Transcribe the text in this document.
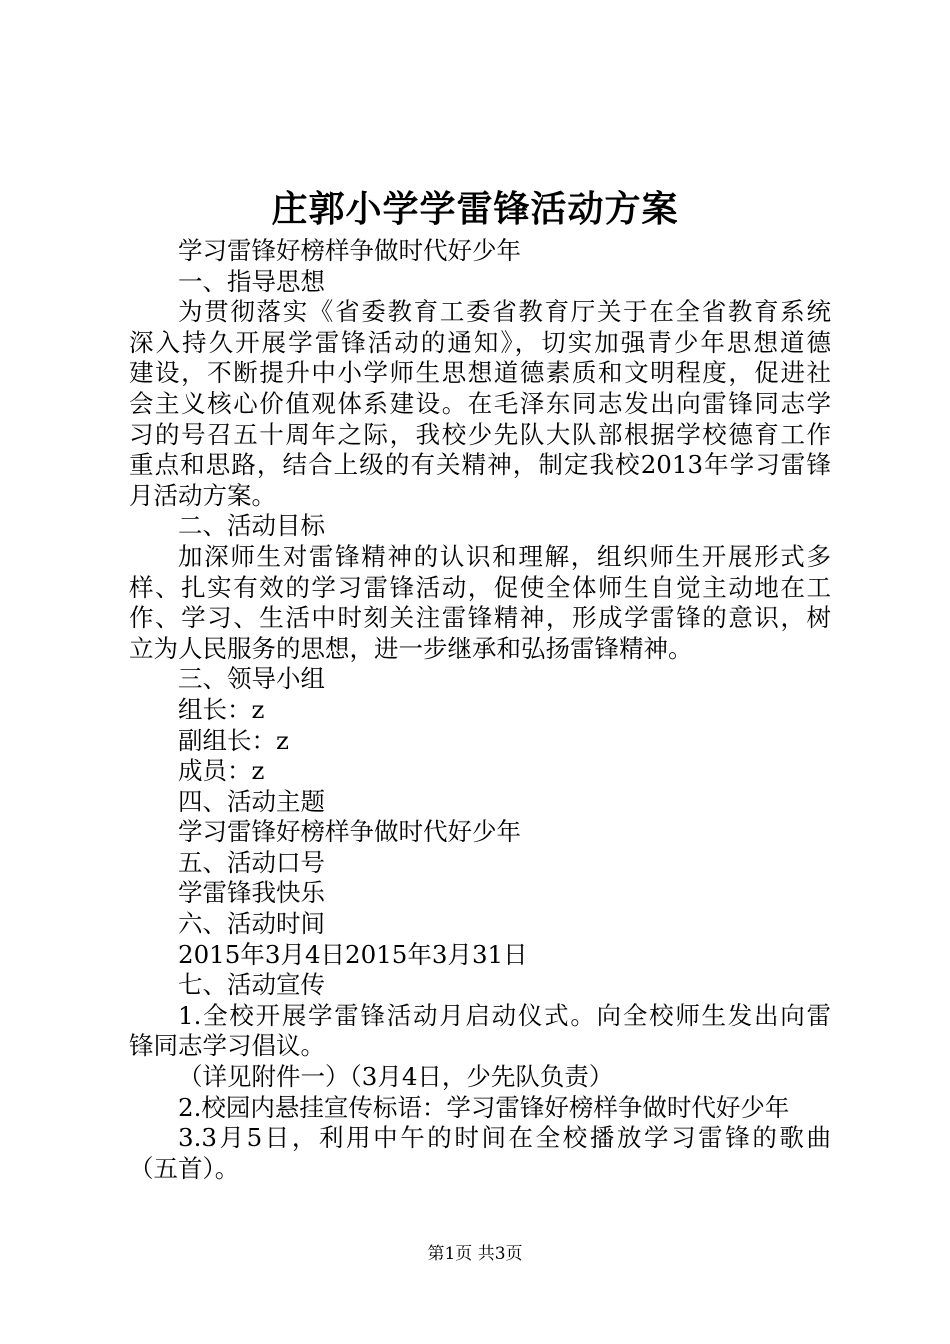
庄郭小学学雷锋活动方案
学习雷锋好榜样争做时代好少年
一、指导思想
为贯彻落实《省委教育工委省教育厅关于在全省教育系统
深入持久开展学雷锋活动的通知》，切实加强青少年思想道德
建设，不断提升中小学师生思想道德素质和文明程度，促进社
会主义核心价值观体系建设。在毛泽东同志发出向雷锋同志学
习的号召五十周年之际，我校少先队大队部根据学校德育工作
重点和思路，结合上级的有关精神，制定我校2013年学习雷锋
月活动方案。
二、活动目标
加深师生对雷锋精神的认识和理解，组织师生开展形式多
样、扎实有效的学习雷锋活动，促使全体师生自觉主动地在工
作、学习、生活中时刻关注雷锋精神，形成学雷锋的意识，树
立为人民服务的思想，进一步继承和弘扬雷锋精神。
三、领导小组
组长：z
副组长：z
成员：z
四、活动主题
学习雷锋好榜样争做时代好少年
五、活动口号
学雷锋我快乐
六、活动时间
2015年3月4日2015年3月31日
七、活动宣传
1.全校开展学雷锋活动月启动仪式。向全校师生发出向雷
锋同志学习倡议。
（详见附件一）（3月4日，少先队负责）
2.校园内悬挂宣传标语：学习雷锋好榜样争做时代好少年
3.3月5日，利用中午的时间在全校播放学习雷锋的歌曲
（五首）。
第1页 共3页
